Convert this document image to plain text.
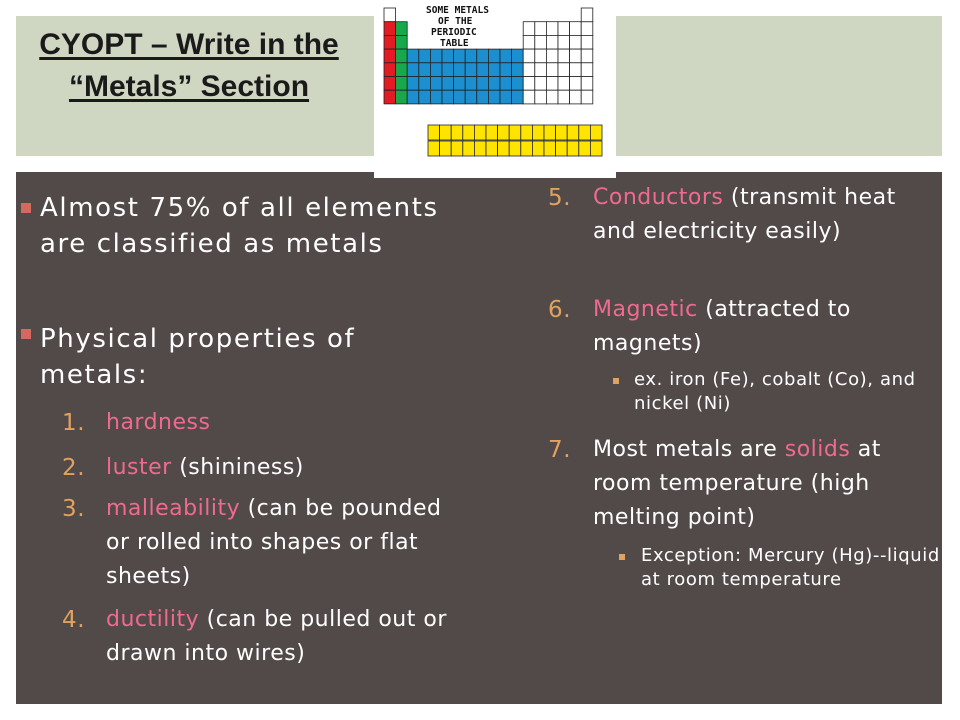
CYOPT – Write in the “Metals” Section
Almost 75% of all elements are classified as metals
Physical properties of metals:
1. hardness
2. luster (shininess)
3. malleability (can be pounded or rolled into shapes or flat sheets)
4. ductility (can be pulled out or drawn into wires)
5. Conductors (transmit heat and electricity easily)
6. Magnetic (attracted to magnets)
ex. iron (Fe), cobalt (Co), and nickel (Ni)
7. Most metals are solids at room temperature (high melting point)
Exception: Mercury (Hg)--liquid at room temperature
SOME METALS
OF THE
PERIODIC
TABLE
